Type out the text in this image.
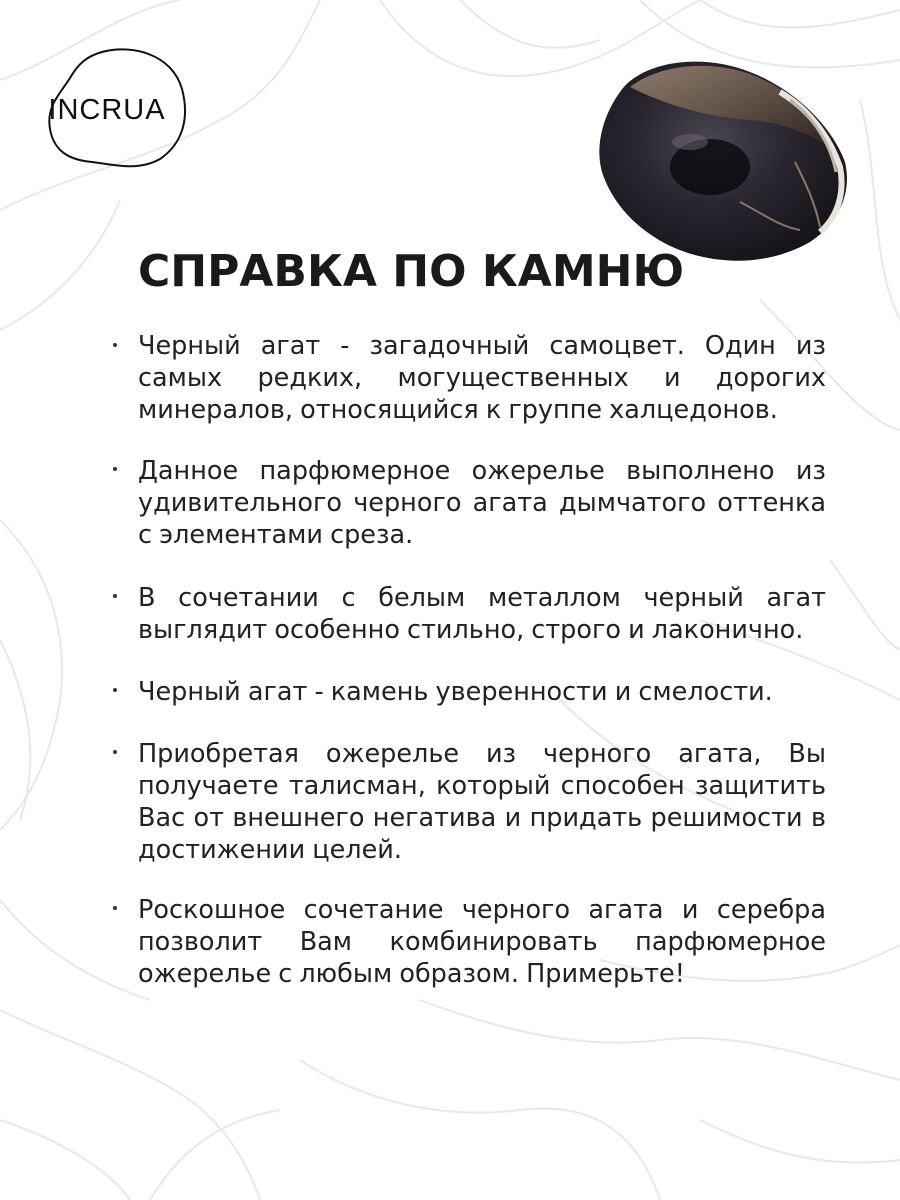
INCRUA
СПРАВКА ПО КАМНЮ

Черный агат - загадочный самоцвет. Один из самых редких, могущественных и дорогих минералов, относящийся к группе халцедонов.

Данное парфюмерное ожерелье выполнено из удивительного черного агата дымчатого оттенка с элементами среза.

В сочетании с белым металлом черный агат выглядит особенно стильно, строго и лаконично.

Черный агат - камень уверенности и смелости.

Приобретая ожерелье из черного агата, Вы получаете талисман, который способен защитить Вас от внешнего негатива и придать решимости в достижении целей.

Роскошное сочетание черного агата и серебра позволит Вам комбинировать парфюмерное ожерелье с любым образом. Примерьте!
